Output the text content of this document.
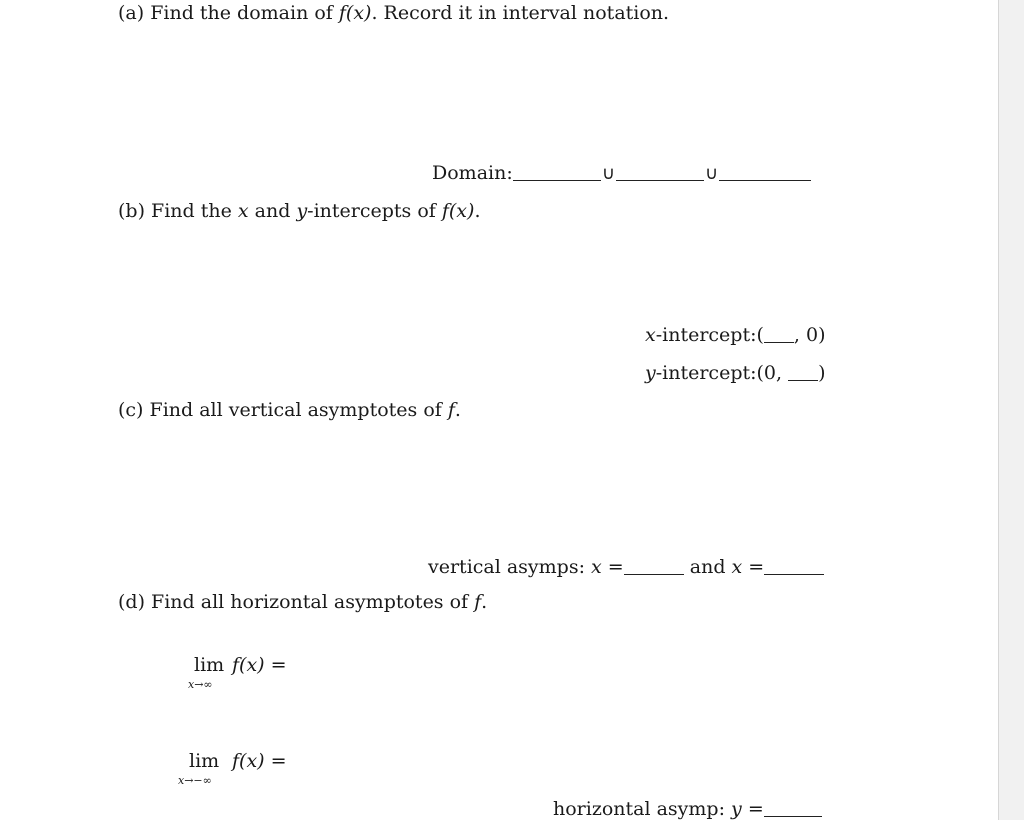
(a) Find the domain of f(x). Record it in interval notation.
Domain:	∪	∪
(b) Find the x and y-intercepts of f(x).
x-intercept:( , 0)
y-intercept:(0, )
(c) Find all vertical asymptotes of f.
vertical asymps: x =	and x =
(d) Find all horizontal asymptotes of f.
lim
x→∞
f(x) =
lim
x→−∞
f(x) =
horizontal asymp: y =
